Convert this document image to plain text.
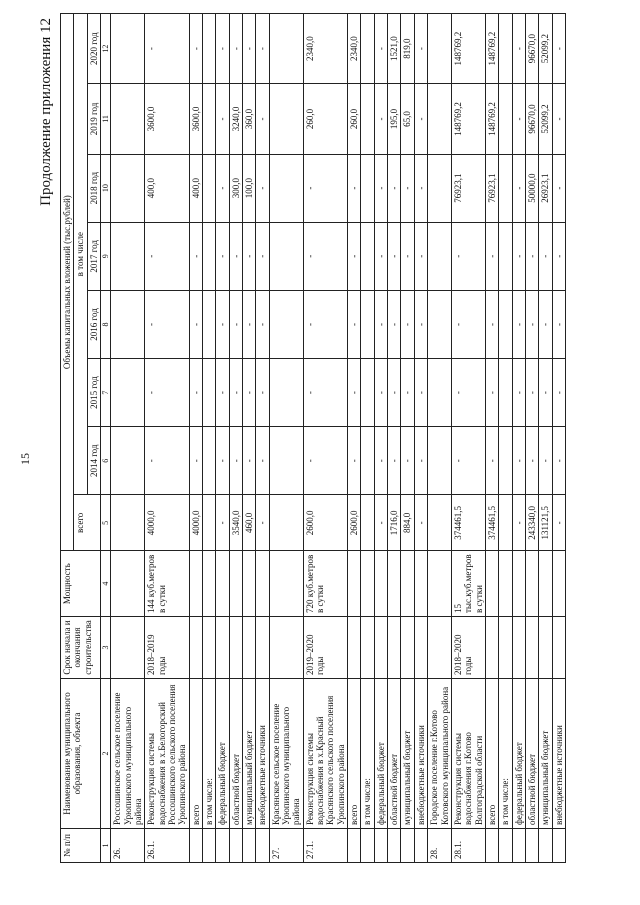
15
Продолжение приложения 12
№ п/п	Наименование муниципального образования, объекта	Срок начала и окончания строительства	Мощность	Объемы капитальных вложений (тыс.рублей)							
				всего	в том числе						
					2014 год	2015 год	2016 год	2017 год	2018 год	2019 год	2020 год
1	2	3	4	5	6	7	8	9	10	11	12
26.	Россошинское сельское поселение Урюпинского муниципального района										
26.1.	Реконструкция системы водоснабжения в х.Белогорский Россошинского сельского поселения Урюпинского района	2018–2019 годы	144 куб.метров в сутки	4000,0	-	-	-	-	400,0	3600,0	-
	всего			4000,0	-	-	-	-	400,0	3600,0	-
	в том числе:										
	федеральный бюджет			-	-	-	-	-	-	-	-
	областной бюджет			3540,0	-	-	-	-	300,0	3240,0	-
	муниципальный бюджет			460,0	-	-	-	-	100,0	360,0	-
	внебюджетные источники			-	-	-	-	-	-	-	-
27.	Красянское сельское поселение Урюпинского муниципального района										
27.1.	Реконструкция системы водоснабжения в х.Красный Красянского сельского поселения Урюпинского района	2019–2020 годы	720 куб.метров в сутки	2600,0	-	-	-	-	-	260,0	2340,0
	всего			2600,0	-	-	-	-	-	260,0	2340,0
	в том числе:										
	федеральный бюджет			-	-	-	-	-	-	-	-
	областной бюджет			1716,0	-	-	-	-	-	195,0	1521,0
	муниципальный бюджет			884,0	-	-	-	-	-	65,0	819,0
	внебюджетные источники			-	-	-	-	-	-	-	-
28.	Городское поселение г.Котово Котовского муниципального района										
28.1.	Реконструкция системы водоснабжения г.Котово Волгоградской области	2018–2020 годы	15 тыс.куб.метров в сутки	374461,5	-	-	-	-	76923,1	148769,2	148769,2
	всего			374461,5	-	-	-	-	76923,1	148769,2	148769,2
	в том числе:										
	федеральный бюджет			-	-	-	-	-	-	-	-
	областной бюджет			243340,0	-	-	-	-	50000,0	96670,0	96670,0
	муниципальный бюджет			131121,5	-	-	-	-	26923,1	52099,2	52099,2
	внебюджетные источники			-	-	-	-	-	-	-	-
